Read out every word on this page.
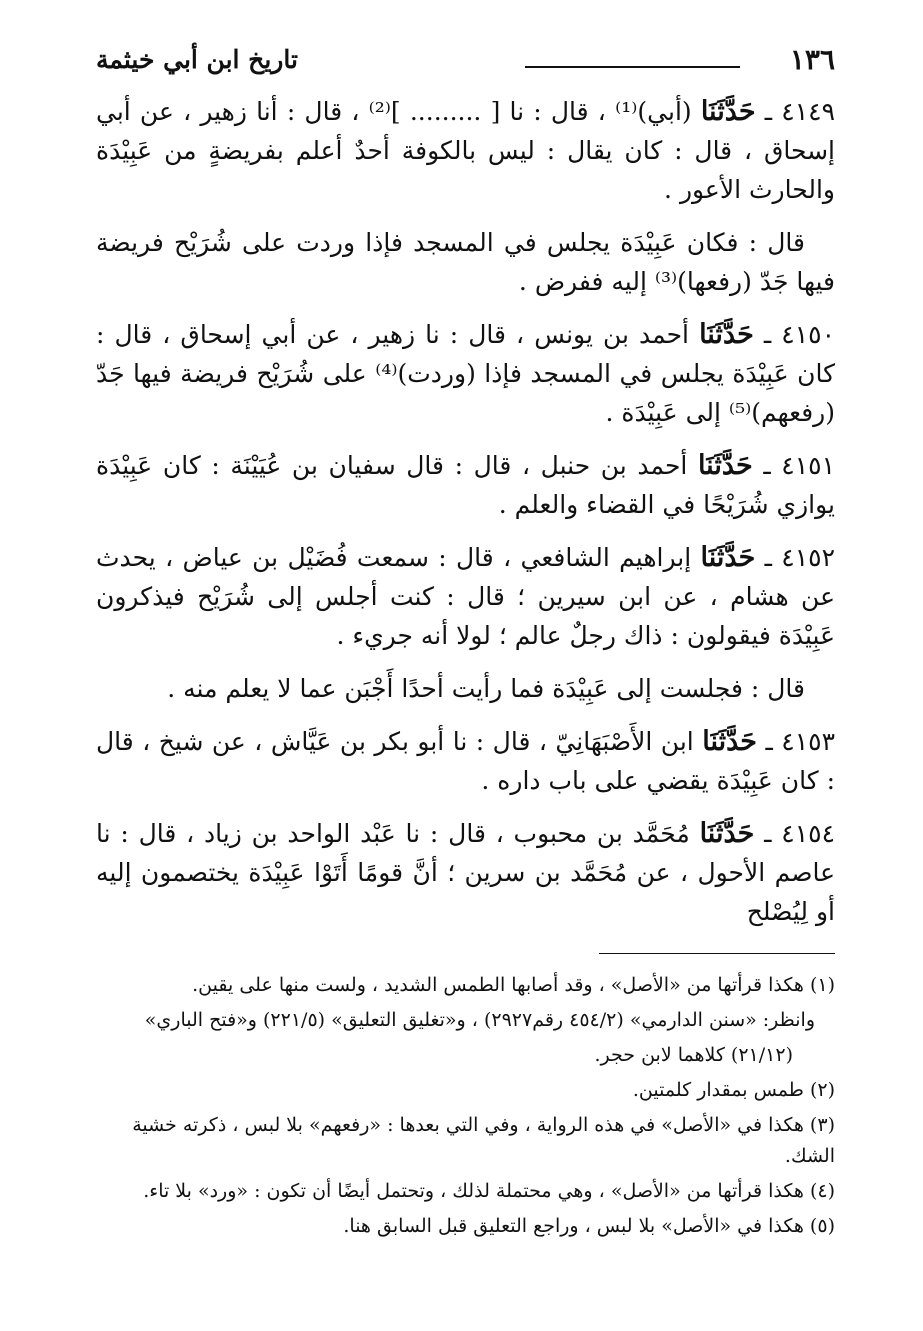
١٣٦
تاريخ ابن أبي خيثمة

٤١٤٩ ـ حَدَّثَنَا (أبي)⁽¹⁾ ، قال : نا [ ......... ]⁽²⁾ ، قال : أنا زهير ، عن أبي إسحاق ، قال : كان يقال : ليس بالكوفة أحدٌ أعلم بفريضةٍ من عَبِيْدَة والحارث الأعور .

قال : فكان عَبِيْدَة يجلس في المسجد فإذا وردت على شُرَيْح فريضة فيها جَدّ (رفعها)⁽³⁾ إليه ففرض .

٤١٥٠ ـ حَدَّثَنَا أحمد بن يونس ، قال : نا زهير ، عن أبي إسحاق ، قال : كان عَبِيْدَة يجلس في المسجد فإذا (وردت)⁽⁴⁾ على شُرَيْح فريضة فيها جَدّ (رفعهم)⁽⁵⁾ إلى عَبِيْدَة .

٤١٥١ ـ حَدَّثَنَا أحمد بن حنبل ، قال : قال سفيان بن عُيَيْنَة : كان عَبِيْدَة يوازي شُرَيْحًا في القضاء والعلم .

٤١٥٢ ـ حَدَّثَنَا إبراهيم الشافعي ، قال : سمعت فُضَيْل بن عياض ، يحدث عن هشام ، عن ابن سيرين ؛ قال : كنت أجلس إلى شُرَيْح فيذكرون عَبِيْدَة فيقولون : ذاك رجلٌ عالم ؛ لولا أنه جريء .

قال : فجلست إلى عَبِيْدَة فما رأيت أحدًا أَجْبَن عما لا يعلم منه .

٤١٥٣ ـ حَدَّثَنَا ابن الأَصْبَهَانِيّ ، قال : نا أبو بكر بن عَيَّاش ، عن شيخ ، قال : كان عَبِيْدَة يقضي على باب داره .

٤١٥٤ ـ حَدَّثَنَا مُحَمَّد بن محبوب ، قال : نا عَبْد الواحد بن زياد ، قال : نا عاصم الأحول ، عن مُحَمَّد بن سرين ؛ أنَّ قومًا أَتَوْا عَبِيْدَة يختصمون إليه أو لِيُصْلح

(١) هكذا قرأتها من «الأصل» ، وقد أصابها الطمس الشديد ، ولست منها على يقين.

وانظر: «سنن الدارمي» (٤٥٤/٢ رقم٢٩٢٧) ، و«تغليق التعليق» (٢٢١/٥) و«فتح الباري»

(٢١/١٢) كلاهما لابن حجر.

(٢) طمس بمقدار كلمتين.

(٣) هكذا في «الأصل» في هذه الرواية ، وفي التي بعدها : «رفعهم» بلا لبس ، ذكرته خشية الشك.

(٤) هكذا قرأتها من «الأصل» ، وهي محتملة لذلك ، وتحتمل أيضًا أن تكون : «ورد» بلا تاء.

(٥) هكذا في «الأصل» بلا لبس ، وراجع التعليق قبل السابق هنا.
